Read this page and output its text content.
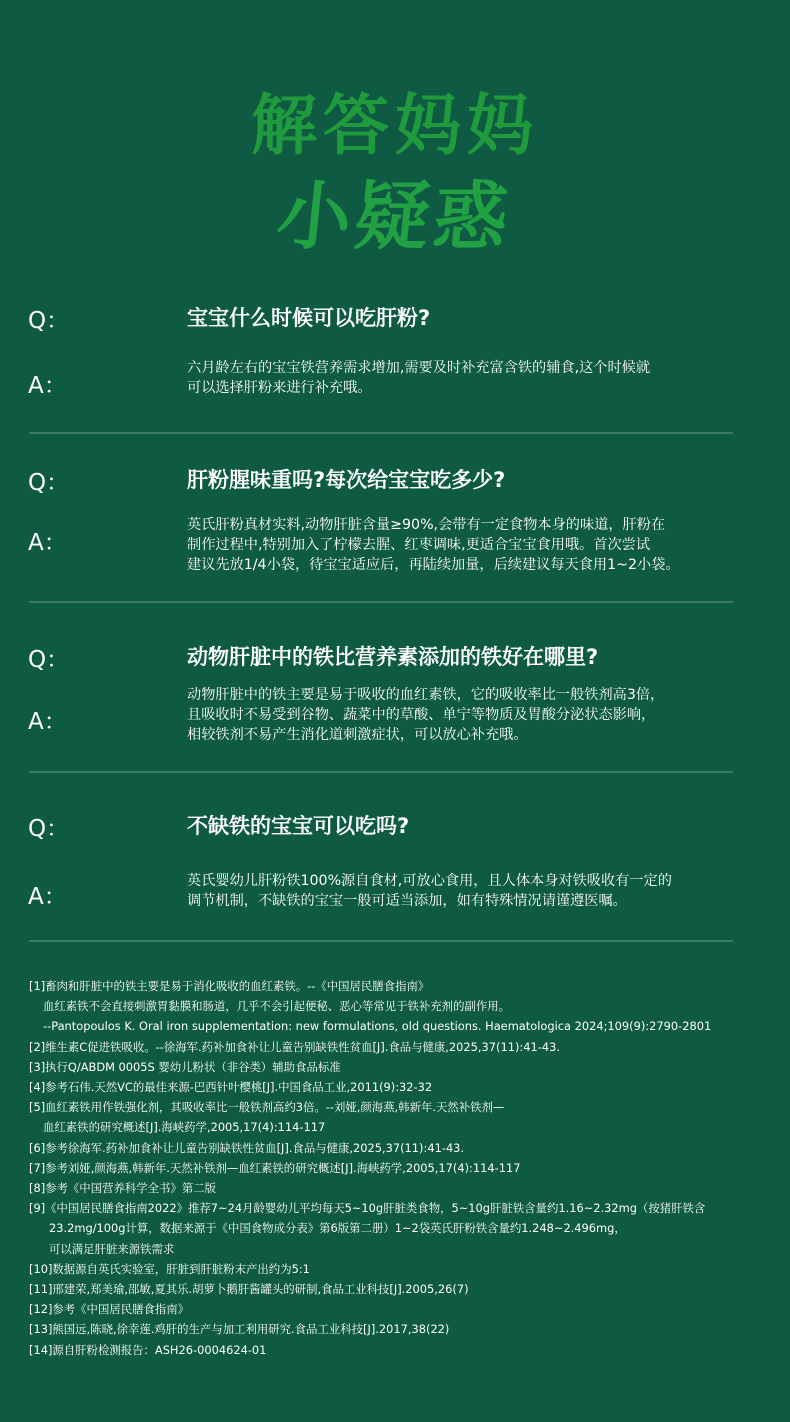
解答妈妈
小疑惑
Q：	宝宝什么时候可以吃肝粉?
A：
六月龄左右的宝宝铁营养需求增加,需要及时补充富含铁的辅食,这个时候就
可以选择肝粉来进行补充哦。
Q：	肝粉腥味重吗?每次给宝宝吃多少?
A：
英氏肝粉真材实料,动物肝脏含量≥90%,会带有一定食物本身的味道，肝粉在
制作过程中,特别加入了柠檬去腥、红枣调味,更适合宝宝食用哦。首次尝试
建议先放1/4小袋，待宝宝适应后，再陆续加量，后续建议每天食用1~2小袋。
Q：	动物肝脏中的铁比营养素添加的铁好在哪里?
A：
动物肝脏中的铁主要是易于吸收的血红素铁，它的吸收率比一般铁剂高3倍，
且吸收时不易受到谷物、蔬菜中的草酸、单宁等物质及胃酸分泌状态影响，
相较铁剂不易产生消化道刺激症状，可以放心补充哦。
Q：	不缺铁的宝宝可以吃吗?
A：
英氏婴幼儿肝粉铁100%源自食材,可放心食用，且人体本身对铁吸收有一定的
调节机制，不缺铁的宝宝一般可适当添加，如有特殊情况请谨遵医嘱。
[1]畜肉和肝脏中的铁主要是易于消化吸收的血红素铁。--《中国居民膳食指南》
血红素铁不会直接刺激胃黏膜和肠道，几乎不会引起便秘、恶心等常见于铁补充剂的副作用。
--Pantopoulos K. Oral iron supplementation: new formulations, old questions. Haematologica 2024;109(9):2790-2801
[2]维生素C促进铁吸收。--徐海军.药补加食补让儿童告别缺铁性贫血[J].食品与健康,2025,37(11):41-43.
[3]执行Q/ABDM 0005S 婴幼儿粉状（非谷类）辅助食品标准
[4]参考石伟.天然VC的最佳来源-巴西针叶樱桃[J].中国食品工业,2011(9):32-32
[5]血红素铁用作铁强化剂，其吸收率比一般铁剂高约3倍。--刘娅,颜海燕,韩新年.天然补铁剂—
血红素铁的研究概述[J].海峡药学,2005,17(4):114-117
[6]参考徐海军.药补加食补让儿童告别缺铁性贫血[J].食品与健康,2025,37(11):41-43.
[7]参考刘娅,颜海燕,韩新年.天然补铁剂—血红素铁的研究概述[J].海峡药学,2005,17(4):114-117
[8]参考《中国营养科学全书》第二版
[9]《中国居民膳食指南2022》推荐7~24月龄婴幼儿平均每天5~10g肝脏类食物，5~10g肝脏铁含量约1.16~2.32mg（按猪肝铁含
23.2mg/100g计算，数据来源于《中国食物成分表》第6版第二册）1~2袋英氏肝粉铁含量约1.248~2.496mg，
可以满足肝脏来源铁需求
[10]数据源自英氏实验室，肝脏到肝脏粉末产出约为5:1
[11]邢建荣,郑美瑜,邵敏,夏其乐.胡萝卜鹅肝酱罐头的研制,食品工业科技[J].2005,26(7)
[12]参考《中国居民膳食指南》
[13]熊国远,陈晓,徐幸莲.鸡肝的生产与加工利用研究.食品工业科技[J].2017,38(22)
[14]源自肝粉检测报告：ASH26-0004624-01
